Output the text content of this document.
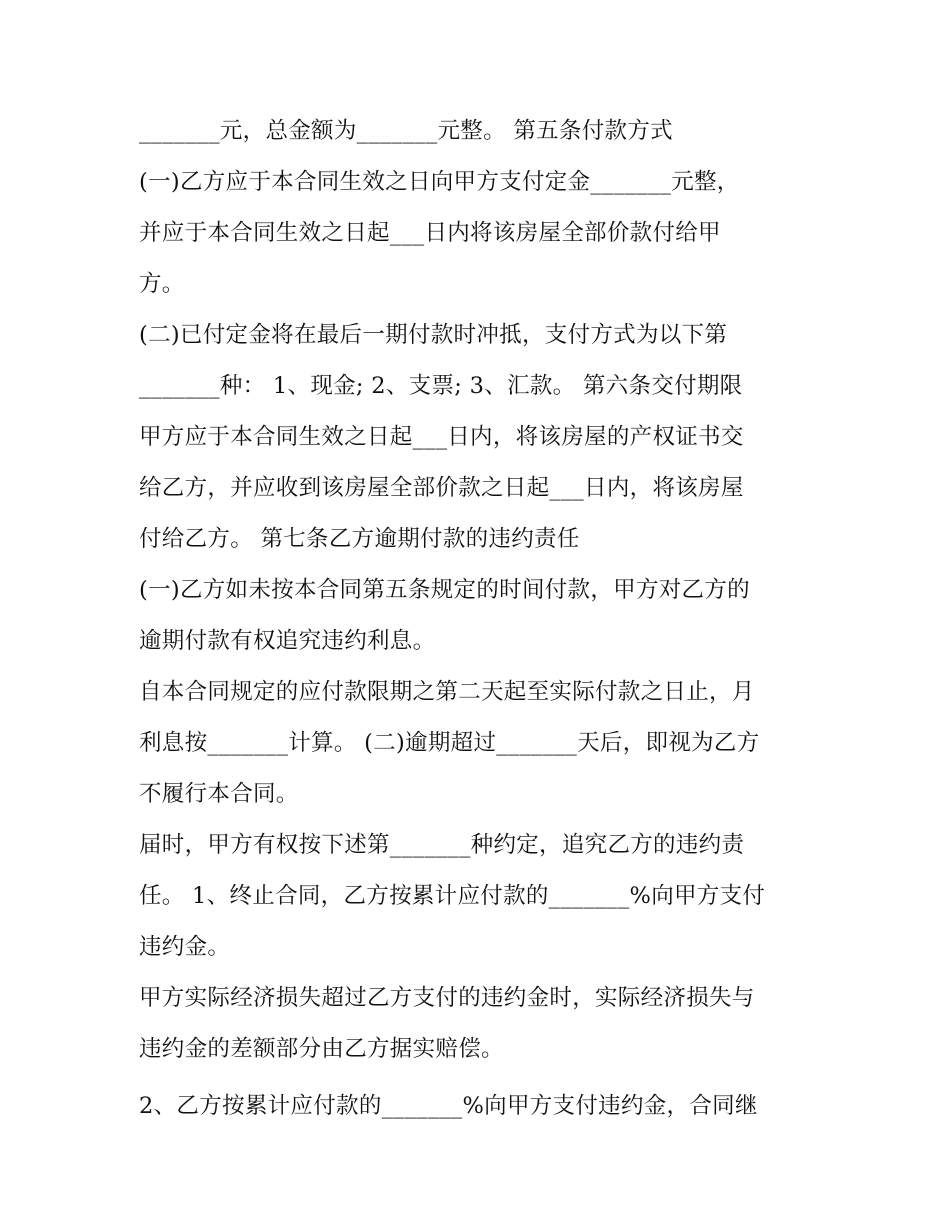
_______元，总金额为_______元整。 第五条付款方式
(一)乙方应于本合同生效之日向甲方支付定金_______元整，
并应于本合同生效之日起___日内将该房屋全部价款付给甲
方。
(二)已付定金将在最后一期付款时冲抵，支付方式为以下第
_______种： 1、现金; 2、支票; 3、汇款。 第六条交付期限
甲方应于本合同生效之日起___日内，将该房屋的产权证书交
给乙方，并应收到该房屋全部价款之日起___日内，将该房屋
付给乙方。 第七条乙方逾期付款的违约责任
(一)乙方如未按本合同第五条规定的时间付款，甲方对乙方的
逾期付款有权追究违约利息。
自本合同规定的应付款限期之第二天起至实际付款之日止，月
利息按_______计算。 (二)逾期超过_______天后，即视为乙方
不履行本合同。
届时，甲方有权按下述第_______种约定，追究乙方的违约责
任。 1、终止合同，乙方按累计应付款的_______%向甲方支付
违约金。
甲方实际经济损失超过乙方支付的违约金时，实际经济损失与
违约金的差额部分由乙方据实赔偿。
2、乙方按累计应付款的_______%向甲方支付违约金，合同继
